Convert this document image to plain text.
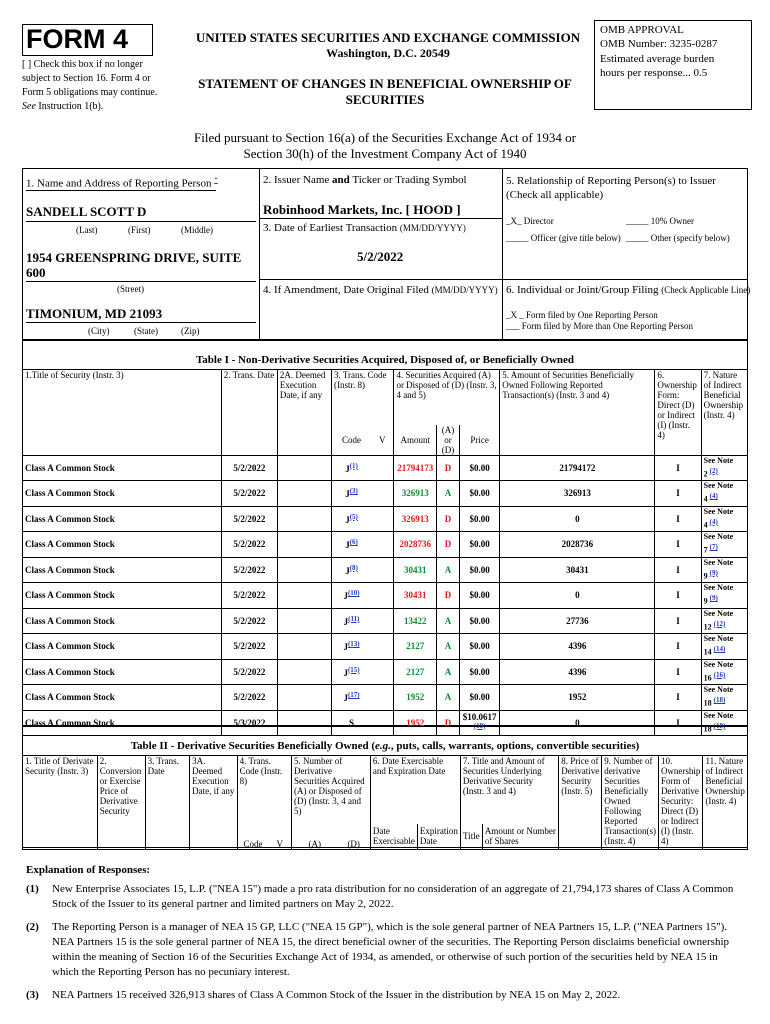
FORM 4
[ ] Check this box if no longer subject to Section 16. Form 4 or Form 5 obligations may continue. See Instruction 1(b).
UNITED STATES SECURITIES AND EXCHANGE COMMISSION
Washington, D.C. 20549
STATEMENT OF CHANGES IN BENEFICIAL OWNERSHIP OF SECURITIES
OMB APPROVAL
OMB Number: 3235-0287
Estimated average burden hours per response... 0.5
Filed pursuant to Section 16(a) of the Securities Exchange Act of 1934 or
Section 30(h) of the Investment Company Act of 1940
1. Name and Address of Reporting Person *
SANDELL SCOTT D
(Last)	(First)	(Middle)
1954 GREENSPRING DRIVE, SUITE 600
(Street)
TIMONIUM, MD 21093
(City)	(State)	(Zip)
2. Issuer Name and Ticker or Trading Symbol
Robinhood Markets, Inc. [ HOOD ]
3. Date of Earliest Transaction (MM/DD/YYYY)
5/2/2022
4. If Amendment, Date Original Filed (MM/DD/YYYY)
5. Relationship of Reporting Person(s) to Issuer (Check all applicable)
_X_ Director	_____ 10% Owner
_____ Officer (give title below) _____ Other (specify below)
6. Individual or Joint/Group Filing (Check Applicable Line)
_X _ Form filed by One Reporting Person
___ Form filed by More than One Reporting Person
Table I - Non-Derivative Securities Acquired, Disposed of, or Beneficially Owned
1.Title of Security (Instr. 3)	2. Trans. Date	2A. Deemed Execution Date, if any	3. Trans. Code (Instr. 8)		4. Securities Acquired (A) or Disposed of (D) (Instr. 3, 4 and 5)			5. Amount of Securities Beneficially Owned Following Reported Transaction(s) (Instr. 3 and 4)	6. Ownership Form: Direct (D) or Indirect (I) (Instr. 4)	7. Nature of Indirect Beneficial Ownership (Instr. 4)
			Code	V	Amount	(A) or (D)	Price			
Class A Common Stock	5/2/2022		$J^{(1)}$		21794173	D	$0.00	21794172	I	See Note
2 $^{(2)}$
Class A Common Stock	5/2/2022		$J^{(3)}$		326913	A	$0.00	326913	I	See Note
4 $^{(4)}$
Class A Common Stock	5/2/2022		$J^{(5)}$		326913	D	$0.00	0	I	See Note
4 $^{(4)}$
Class A Common Stock	5/2/2022		$J^{(6)}$		2028736	D	$0.00	2028736	I	See Note
7 $^{(7)}$
Class A Common Stock	5/2/2022		$J^{(8)}$		30431	A	$0.00	30431	I	See Note
9 $^{(9)}$
Class A Common Stock	5/2/2022		$J^{(10)}$		30431	D	$0.00	0	I	See Note
9 $^{(9)}$
Class A Common Stock	5/2/2022		$J^{(11)}$		13422	A	$0.00	27736	I	See Note
12 $^{(12)}$
Class A Common Stock	5/2/2022		$J^{(13)}$		2127	A	$0.00	4396	I	See Note
14 $^{(14)}$
Class A Common Stock	5/2/2022		$J^{(15)}$		2127	A	$0.00	4396	I	See Note
16 $^{(16)}$
Class A Common Stock	5/2/2022		$J^{(17)}$		1952	A	$0.00	1952	I	See Note
18 $^{(18)}$
Class A Common Stock	5/3/2022		S		1952	D	$10.0617 $^{(19)}$	0	I	See Note
18 $^{(18)}$
Table II - Derivative Securities Beneficially Owned (e.g., puts, calls, warrants, options, convertible securities)
1. Title of Derivate Security (Instr. 3)	2. Conversion or Exercise Price of Derivative Security	3. Trans. Date	3A. Deemed Execution Date, if any	4. Trans. Code (Instr. 8)		5. Number of Derivative Securities Acquired (A) or Disposed of (D) (Instr. 3, 4 and 5)		6. Date Exercisable and Expiration Date		7. Title and Amount of Securities Underlying Derivative Security (Instr. 3 and 4)		8. Price of Derivative Security (Instr. 5)	9. Number of derivative Securities Beneficially Owned Following Reported Transaction(s) (Instr. 4)	10. Ownership Form of Derivative Security: Direct (D) or Indirect (I) (Instr. 4)	11. Nature of Indirect Beneficial Ownership (Instr. 4)
				Code	V	(A)	(D)	Date Exercisable	Expiration Date	Title	Amount or Number of Shares				
Explanation of Responses:
(1) New Enterprise Associates 15, L.P. ("NEA 15") made a pro rata distribution for no consideration of an aggregate of 21,794,173 shares of Class A Common Stock of the Issuer to its general partner and limited partners on May 2, 2022.
(2) The Reporting Person is a manager of NEA 15 GP, LLC ("NEA 15 GP"), which is the sole general partner of NEA Partners 15, L.P. ("NEA Partners 15"). NEA Partners 15 is the sole general partner of NEA 15, the direct beneficial owner of the securities. The Reporting Person disclaims beneficial ownership within the meaning of Section 16 of the Securities Exchange Act of 1934, as amended, or otherwise of such portion of the securities held by NEA 15 in which the Reporting Person has no pecuniary interest.
(3) NEA Partners 15 received 326,913 shares of Class A Common Stock of the Issuer in the distribution by NEA 15 on May 2, 2022.
